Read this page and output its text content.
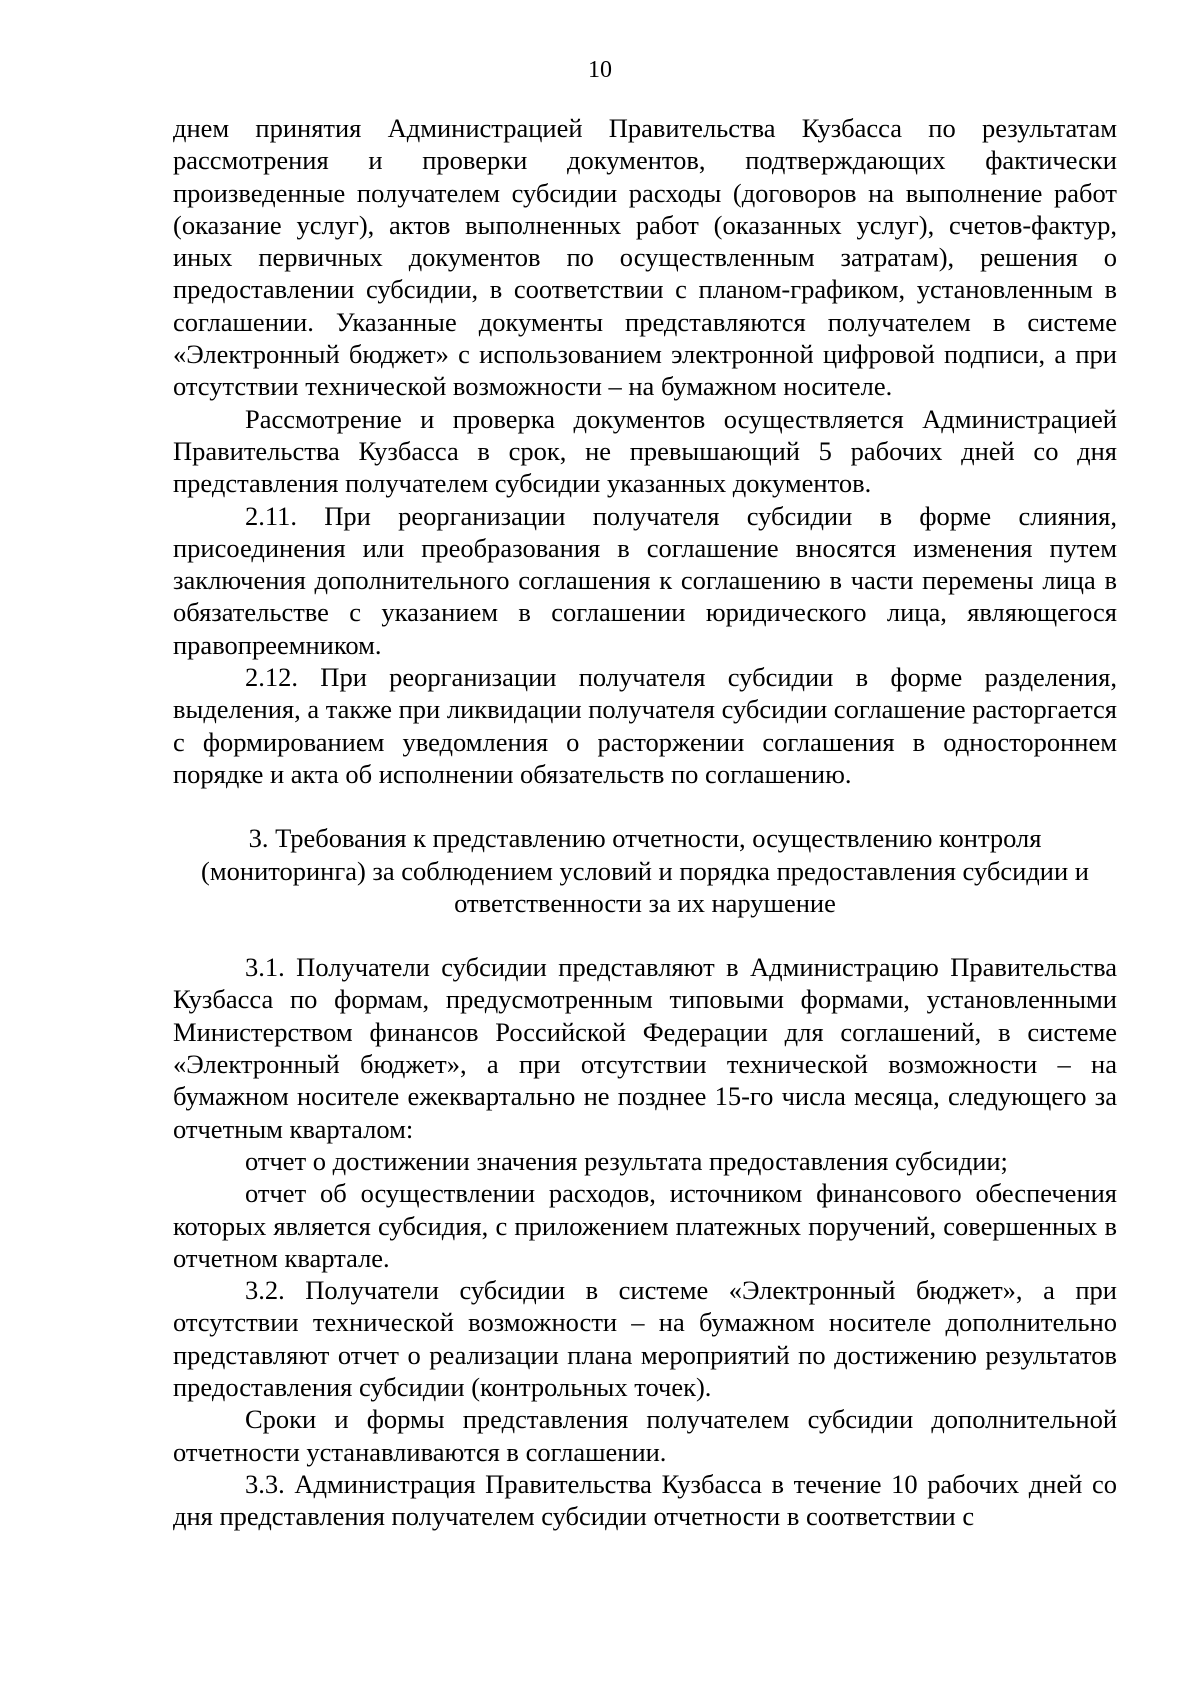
10

днем принятия Администрацией Правительства Кузбасса по результатам рассмотрения и проверки документов, подтверждающих фактически произведенные получателем субсидии расходы (договоров на выполнение работ (оказание услуг), актов выполненных работ (оказанных услуг), счетов-фактур, иных первичных документов по осуществленным затратам), решения о предоставлении субсидии, в соответствии с планом-графиком, установленным в соглашении. Указанные документы представляются получателем в системе «Электронный бюджет» с использованием электронной цифровой подписи, а при отсутствии технической возможности – на бумажном носителе.

Рассмотрение и проверка документов осуществляется Администрацией Правительства Кузбасса в срок, не превышающий 5 рабочих дней со дня представления получателем субсидии указанных документов.

2.11. При реорганизации получателя субсидии в форме слияния, присоединения или преобразования в соглашение вносятся изменения путем заключения дополнительного соглашения к соглашению в части перемены лица в обязательстве с указанием в соглашении юридического лица, являющегося правопреемником.

2.12. При реорганизации получателя субсидии в форме разделения, выделения, а также при ликвидации получателя субсидии соглашение расторгается с формированием уведомления о расторжении соглашения в одностороннем порядке и акта об исполнении обязательств по соглашению.

3. Требования к представлению отчетности, осуществлению контроля (мониторинга) за соблюдением условий и порядка предоставления субсидии и ответственности за их нарушение

3.1. Получатели субсидии представляют в Администрацию Правительства Кузбасса по формам, предусмотренным типовыми формами, установленными Министерством финансов Российской Федерации для соглашений, в системе «Электронный бюджет», а при отсутствии технической возможности – на бумажном носителе ежеквартально не позднее 15-го числа месяца, следующего за отчетным кварталом:

отчет о достижении значения результата предоставления субсидии;

отчет об осуществлении расходов, источником финансового обеспечения которых является субсидия, с приложением платежных поручений, совершенных в отчетном квартале.

3.2. Получатели субсидии в системе «Электронный бюджет», а при отсутствии технической возможности – на бумажном носителе дополнительно представляют отчет о реализации плана мероприятий по достижению результатов предоставления субсидии (контрольных точек).

Сроки и формы представления получателем субсидии дополнительной отчетности устанавливаются в соглашении.

3.3. Администрация Правительства Кузбасса в течение 10 рабочих дней со дня представления получателем субсидии отчетности в соответствии с
